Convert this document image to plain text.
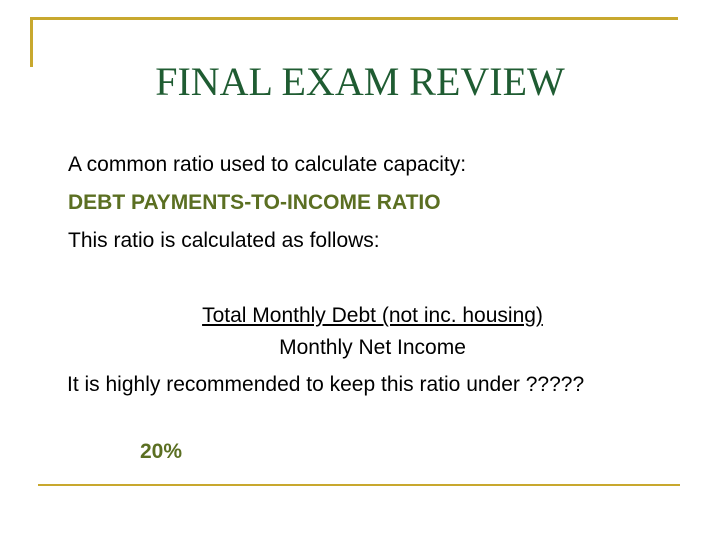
FINAL EXAM REVIEW
A common ratio used to calculate capacity:
DEBT PAYMENTS-TO-INCOME RATIO
This ratio is calculated as follows:
Total Monthly Debt (not inc. housing)
Monthly Net Income
It is highly recommended to keep this ratio under ?????
20%
